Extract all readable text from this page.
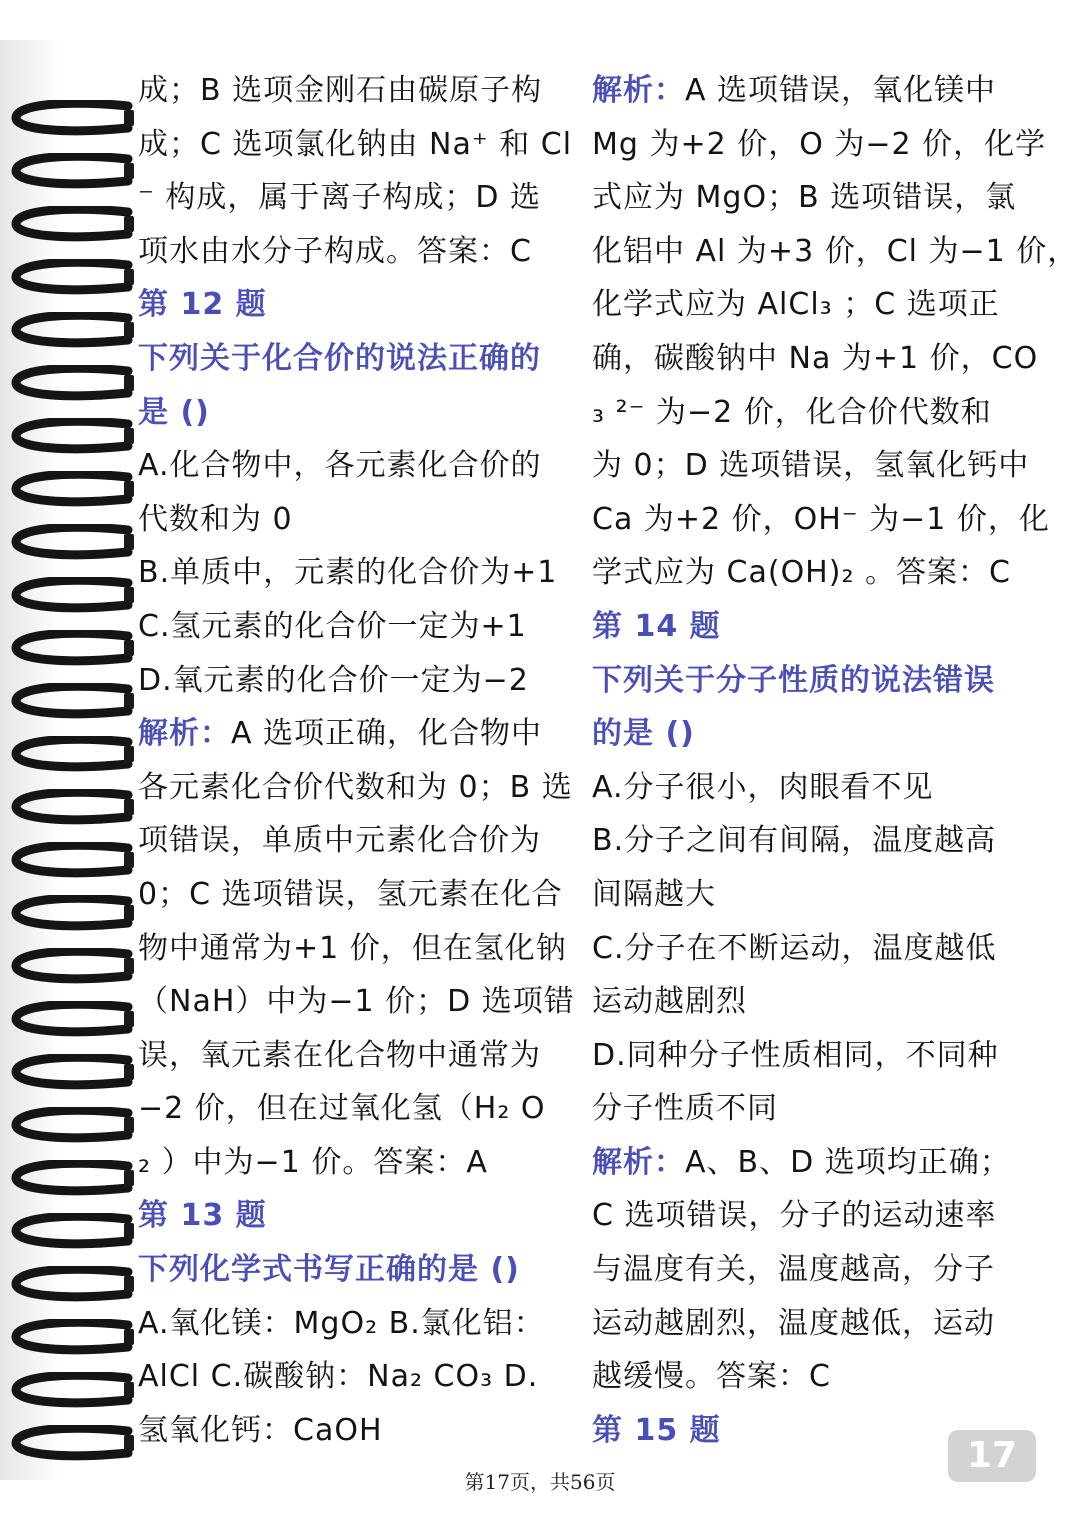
成；B 选项金刚石由碳原子构
成；C 选项氯化钠由 Na⁺ 和 Cl
⁻ 构成，属于离子构成；D 选
项水由水分子构成。答案：C
第 12 题
下列关于化合价的说法正确的
是 ()
A.化合物中，各元素化合价的
代数和为 0
B.单质中，元素的化合价为+1
C.氢元素的化合价一定为+1
D.氧元素的化合价一定为−2
解析：A 选项正确，化合物中
各元素化合价代数和为 0；B 选
项错误，单质中元素化合价为
0；C 选项错误，氢元素在化合
物中通常为+1 价，但在氢化钠
（NaH）中为−1 价；D 选项错
误，氧元素在化合物中通常为
−2 价，但在过氧化氢（H₂ O
₂ ）中为−1 价。答案：A
第 13 题
下列化学式书写正确的是 ()
A.氧化镁：MgO₂ B.氯化铝：
AlCl C.碳酸钠：Na₂ CO₃ D.
氢氧化钙：CaOH
解析：A 选项错误，氧化镁中
Mg 为+2 价，O 为−2 价，化学
式应为 MgO；B 选项错误，氯
化铝中 Al 为+3 价，Cl 为−1 价，
化学式应为 AlCl₃ ；C 选项正
确，碳酸钠中 Na 为+1 价，CO
₃ ²⁻ 为−2 价，化合价代数和
为 0；D 选项错误，氢氧化钙中
Ca 为+2 价，OH⁻ 为−1 价，化
学式应为 Ca(OH)₂ 。答案：C
第 14 题
下列关于分子性质的说法错误
的是 ()
A.分子很小，肉眼看不见
B.分子之间有间隔，温度越高
间隔越大
C.分子在不断运动，温度越低
运动越剧烈
D.同种分子性质相同，不同种
分子性质不同
解析：A、B、D 选项均正确；
C 选项错误，分子的运动速率
与温度有关，温度越高，分子
运动越剧烈，温度越低，运动
越缓慢。答案：C
第 15 题
17
第17页，共56页
